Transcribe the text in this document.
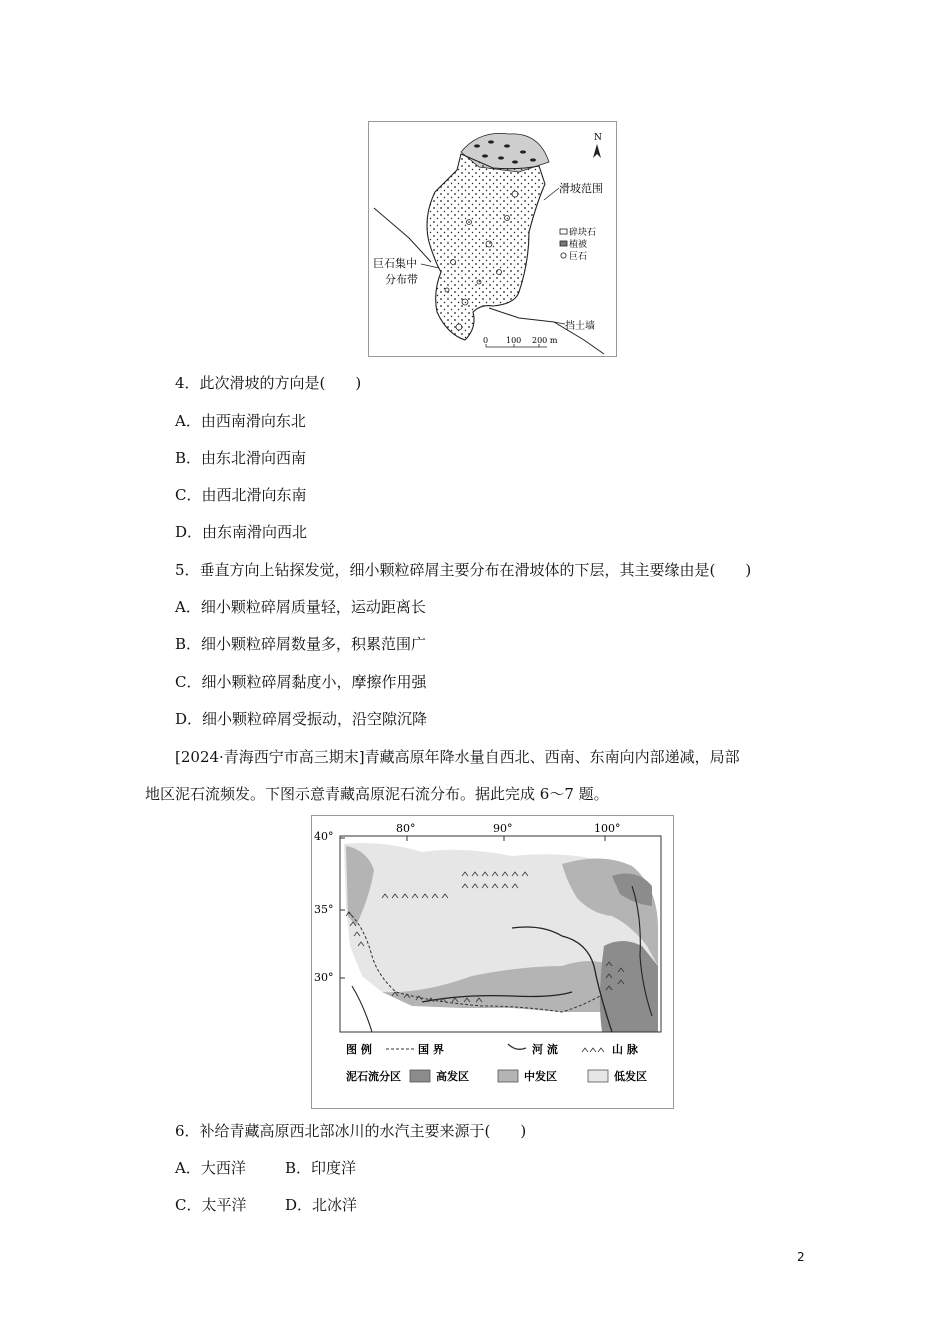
N
滑坡范围
碎块石
植被
巨石
巨石集中
分布带
挡土墙
0 100 200 m
4．此次滑坡的方向是(　　)
A．由西南滑向东北
B．由东北滑向西南
C．由西北滑向东南
D．由东南滑向西北
5．垂直方向上钻探发觉，细小颗粒碎屑主要分布在滑坡体的下层，其主要缘由是(　　)
A．细小颗粒碎屑质量轻，运动距离长
B．细小颗粒碎屑数量多，积累范围广
C．细小颗粒碎屑黏度小，摩擦作用强
D．细小颗粒碎屑受振动，沿空隙沉降
[2024·青海西宁市高三期末]青藏高原年降水量自西北、西南、东南向内部递减，局部
地区泥石流频发。下图示意青藏高原泥石流分布。据此完成 6～7 题。
80°	90°	100°
40°
35°
30°
图 例	国 界	河 流	山 脉
泥石流分区	高发区	中发区	低发区
6．补给青藏高原西北部冰川的水汽主要来源于(　　)
A．大西洋	B．印度洋
C．太平洋	D．北冰洋
2
